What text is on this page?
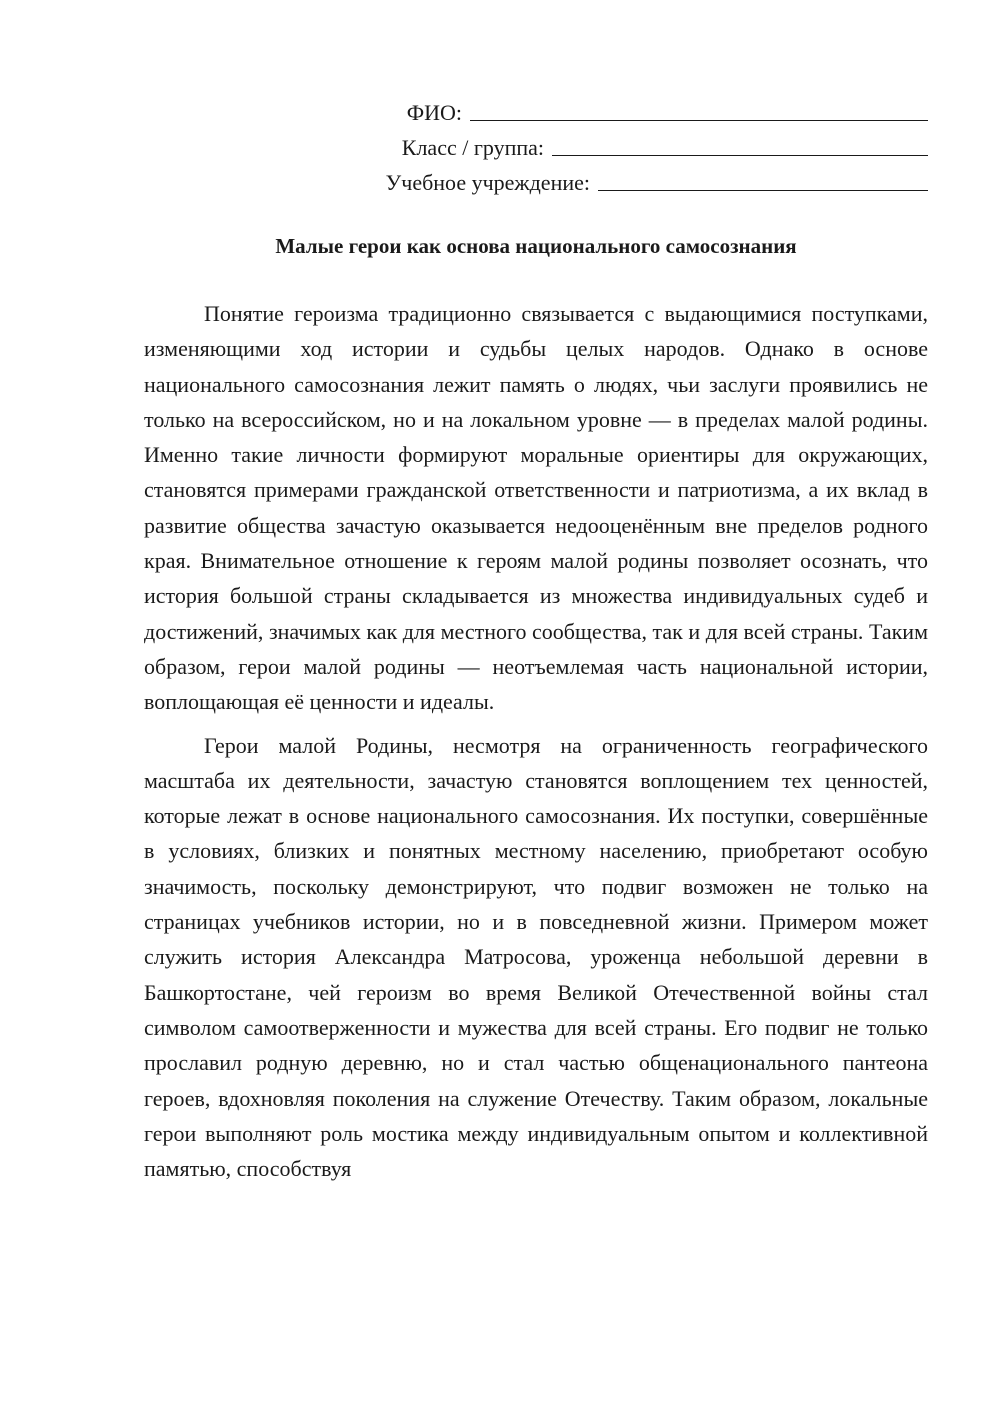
ФИО:
Класс / группа:
Учебное учреждение:
Малые герои как основа национального самосознания

Понятие героизма традиционно связывается с выдающимися поступками, изменяющими ход истории и судьбы целых народов. Однако в основе национального самосознания лежит память о людях, чьи заслуги проявились не только на всероссийском, но и на локальном уровне — в пределах малой родины. Именно такие личности формируют моральные ориентиры для окружающих, становятся примерами гражданской ответственности и патриотизма, а их вклад в развитие общества зачастую оказывается недооценённым вне пределов родного края. Внимательное отношение к героям малой родины позволяет осознать, что история большой страны складывается из множества индивидуальных судеб и достижений, значимых как для местного сообщества, так и для всей страны. Таким образом, герои малой родины — неотъемлемая часть национальной истории, воплощающая её ценности и идеалы.

Герои малой Родины, несмотря на ограниченность географического масштаба их деятельности, зачастую становятся воплощением тех ценностей, которые лежат в основе национального самосознания. Их поступки, совершённые в условиях, близких и понятных местному населению, приобретают особую значимость, поскольку демонстрируют, что подвиг возможен не только на страницах учебников истории, но и в повседневной жизни. Примером может служить история Александра Матросова, уроженца небольшой деревни в Башкортостане, чей героизм во время Великой Отечественной войны стал символом самоотверженности и мужества для всей страны. Его подвиг не только прославил родную деревню, но и стал частью общенационального пантеона героев, вдохновляя поколения на служение Отечеству. Таким образом, локальные герои выполняют роль мостика между индивидуальным опытом и коллективной памятью, способствуя
